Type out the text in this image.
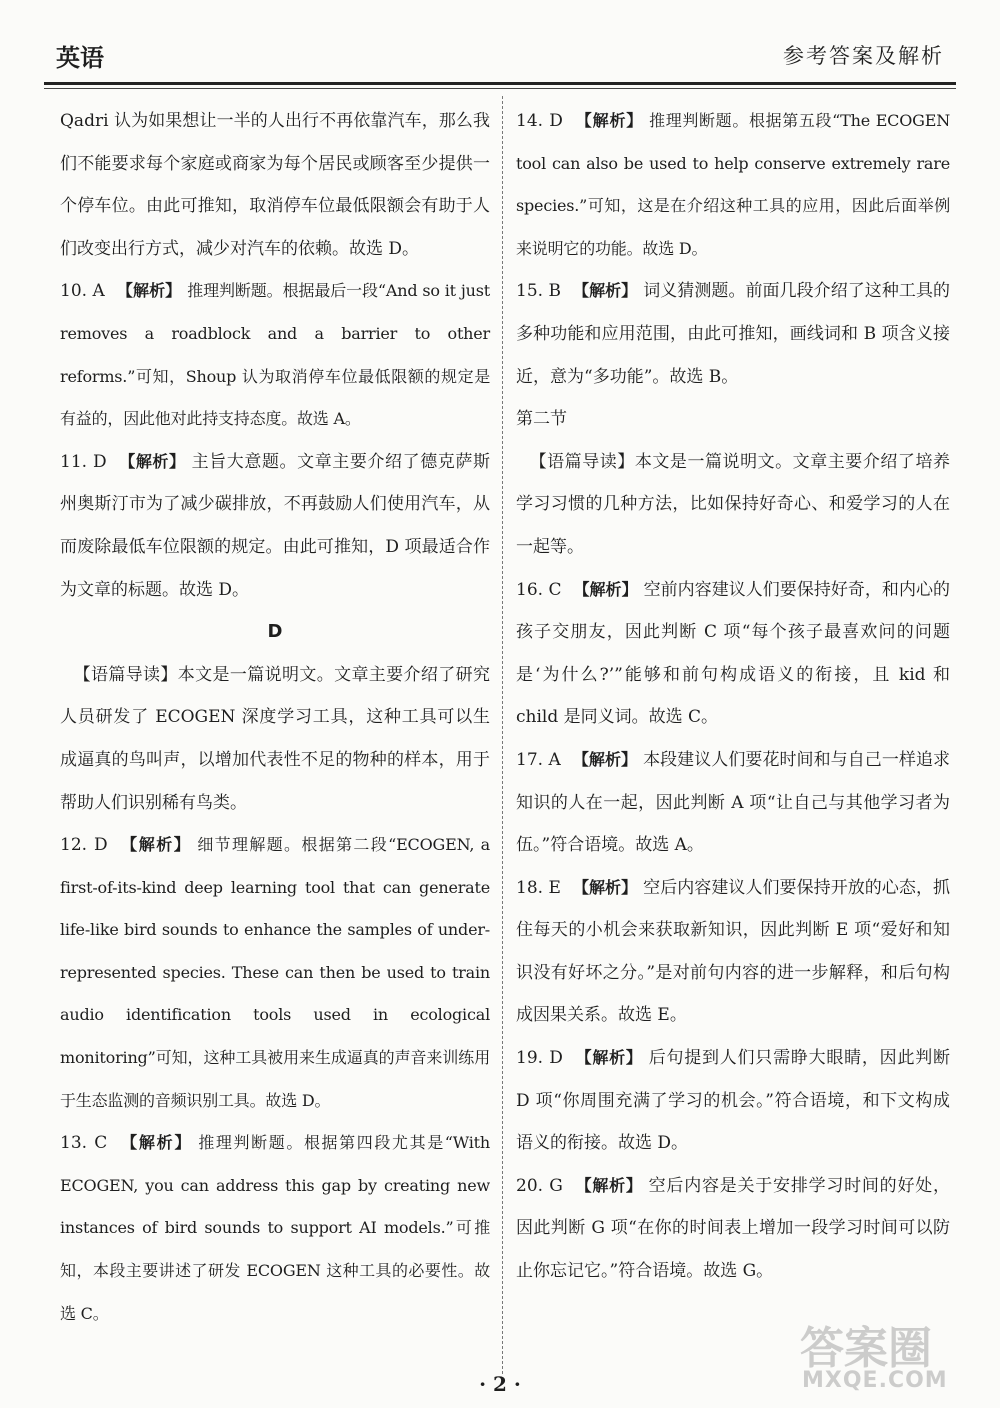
英语	参考答案及解析

Qadri 认为如果想让一半的人出行不再依靠汽车，那么我们不能要求每个家庭或商家为每个居民或顾客至少提供一个停车位。由此可推知，取消停车位最低限额会有助于人们改变出行方式，减少对汽车的依赖。故选 D。

10. A 【解析】 推理判断题。根据最后一段“And so it just removes a roadblock and a barrier to other reforms.”可知，Shoup 认为取消停车位最低限额的规定是有益的，因此他对此持支持态度。故选 A。

11. D 【解析】 主旨大意题。文章主要介绍了德克萨斯州奥斯汀市为了减少碳排放，不再鼓励人们使用汽车，从而废除最低车位限额的规定。由此可推知，D 项最适合作为文章的标题。故选 D。

D

【语篇导读】本文是一篇说明文。文章主要介绍了研究人员研发了 ECOGEN 深度学习工具，这种工具可以生成逼真的鸟叫声，以增加代表性不足的物种的样本，用于帮助人们识别稀有鸟类。

12. D 【解析】 细节理解题。根据第二段“ECOGEN, a first-of-its-kind deep learning tool that can generate life-like bird sounds to enhance the samples of under-represented species. These can then be used to train audio identification tools used in ecological monitoring”可知，这种工具被用来生成逼真的声音来训练用于生态监测的音频识别工具。故选 D。

13. C 【解析】 推理判断题。根据第四段尤其是“With ECOGEN, you can address this gap by creating new instances of bird sounds to support AI models.”可推知，本段主要讲述了研发 ECOGEN 这种工具的必要性。故选 C。

14. D 【解析】 推理判断题。根据第五段“The ECOGEN tool can also be used to help conserve extremely rare species.”可知，这是在介绍这种工具的应用，因此后面举例来说明它的功能。故选 D。

15. B 【解析】 词义猜测题。前面几段介绍了这种工具的多种功能和应用范围，由此可推知，画线词和 B 项含义接近，意为“多功能”。故选 B。

第二节

【语篇导读】本文是一篇说明文。文章主要介绍了培养学习习惯的几种方法，比如保持好奇心、和爱学习的人在一起等。

16. C 【解析】 空前内容建议人们要保持好奇，和内心的孩子交朋友，因此判断 C 项“每个孩子最喜欢问的问题是‘为什么?’”能够和前句构成语义的衔接，且 kid 和 child 是同义词。故选 C。

17. A 【解析】 本段建议人们要花时间和与自己一样追求知识的人在一起，因此判断 A 项“让自己与其他学习者为伍。”符合语境。故选 A。

18. E 【解析】 空后内容建议人们要保持开放的心态，抓住每天的小机会来获取新知识，因此判断 E 项“爱好和知识没有好坏之分。”是对前句内容的进一步解释，和后句构成因果关系。故选 E。

19. D 【解析】 后句提到人们只需睁大眼睛，因此判断 D 项“你周围充满了学习的机会。”符合语境，和下文构成语义的衔接。故选 D。

20. G 【解析】 空后内容是关于安排学习时间的好处，因此判断 G 项“在你的时间表上增加一段学习时间可以防止你忘记它。”符合语境。故选 G。

· 2 ·
答案圈
MXQE.COM
